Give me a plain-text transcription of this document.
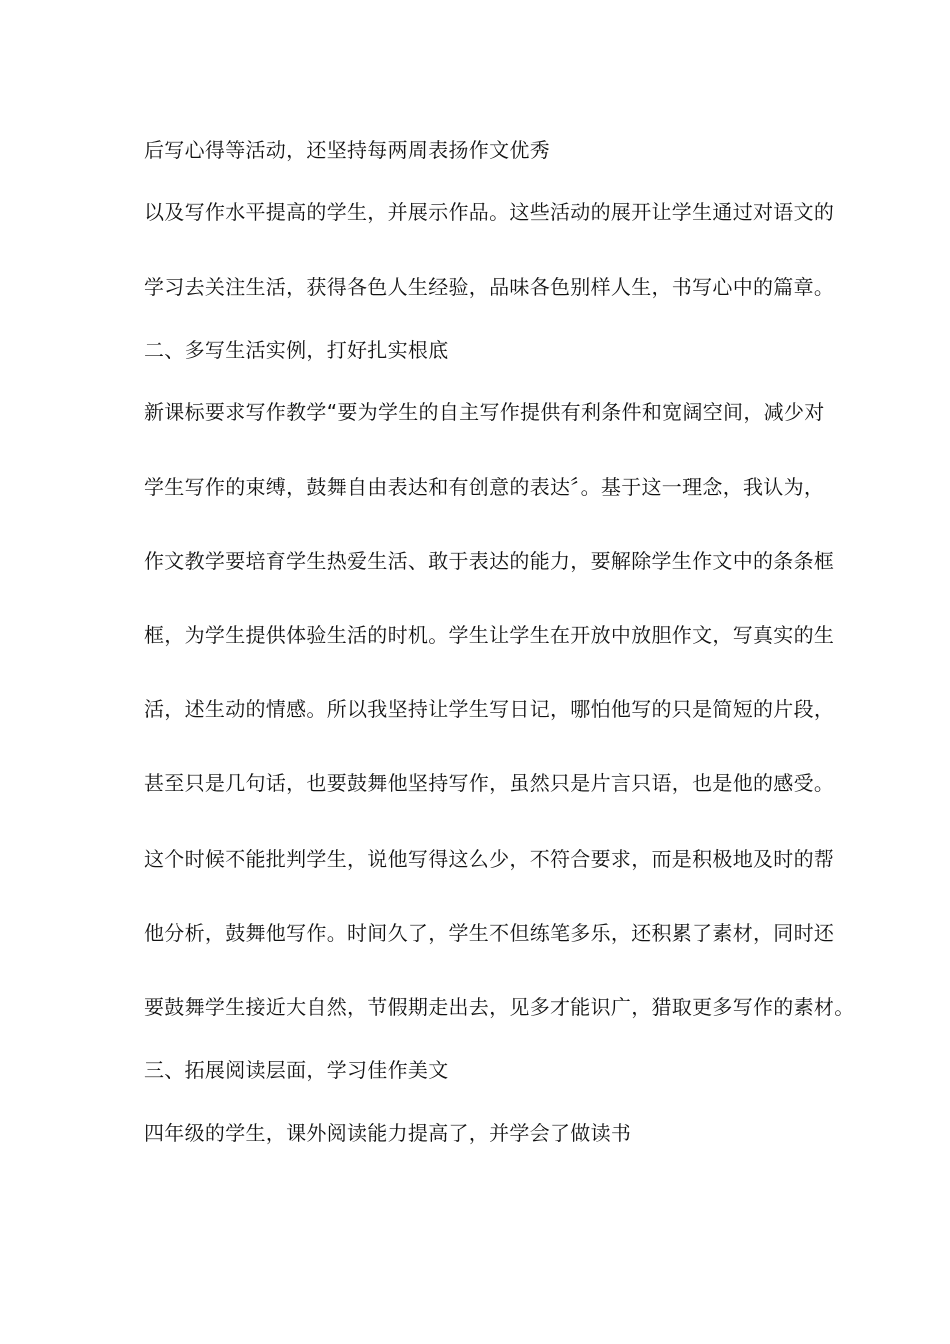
后写心得等活动，还坚持每两周表扬作文优秀

以及写作水平提高的学生，并展示作品。这些活动的展开让学生通过对语文的

学习去关注生活，获得各色人生经验，品味各色别样人生，书写心中的篇章。

二、多写生活实例，打好扎实根底

新课标要求写作教学“要为学生的自主写作提供有利条件和宽阔空间，减少对

学生写作的束缚，鼓舞自由表达和有创意的表达〞。基于这一理念，我认为，

作文教学要培育学生热爱生活、敢于表达的能力，要解除学生作文中的条条框

框，为学生提供体验生活的时机。学生让学生在开放中放胆作文，写真实的生

活，述生动的情感。所以我坚持让学生写日记，哪怕他写的只是简短的片段，

甚至只是几句话，也要鼓舞他坚持写作，虽然只是片言只语，也是他的感受。

这个时候不能批判学生，说他写得这么少，不符合要求，而是积极地及时的帮

他分析，鼓舞他写作。时间久了，学生不但练笔多乐，还积累了素材，同时还

要鼓舞学生接近大自然，节假期走出去，见多才能识广，猎取更多写作的素材。

三、拓展阅读层面，学习佳作美文

四年级的学生，课外阅读能力提高了，并学会了做读书
